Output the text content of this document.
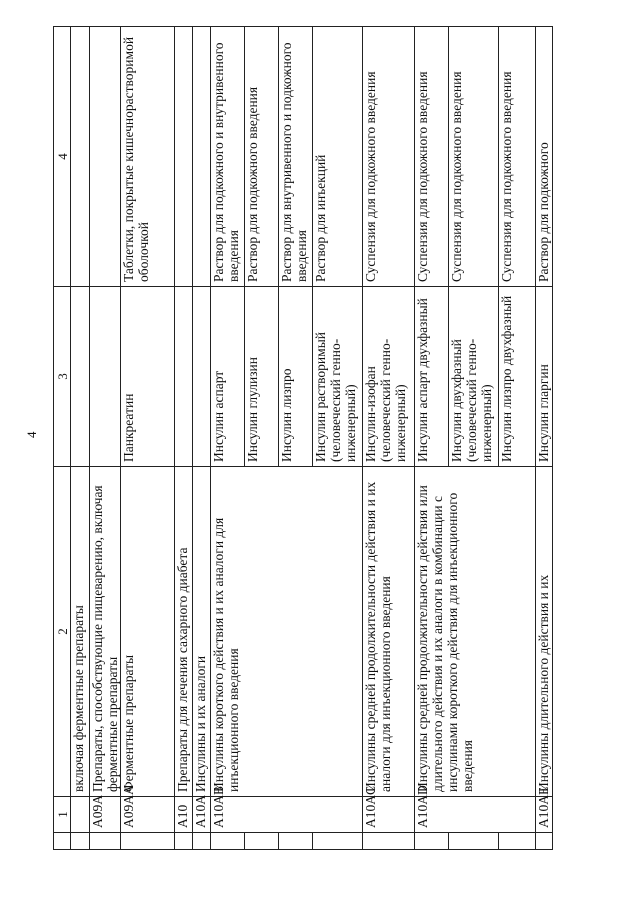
4
	1	2	3	4
		включая ферментные препараты		
	A09A	Препараты, способствующие пищеварению, включая ферментные препараты		
	A09AA	Ферментные препараты	Панкреатин	Таблетки, покрытые кишечнорастворимой оболочкой
	A10	Препараты для лечения сахарного диабета		
	A10A	Инсулины и их аналоги		
	A10AB	Инсулины короткого действия и их аналоги для инъекционного введения	Инсулин аспарт	Раствор для подкожного и внутривенного введения
			Инсулин глулизин	Раствор для подкожного введения
			Инсулин лизпро	Раствор для внутривенного и подкожного введения
			Инсулин растворимый (человеческий генно-инженерный)	Раствор для инъекций
	A10AC	Инсулины средней продолжительности действия и их аналоги для инъекционного введения	Инсулин-изофан (человеческий генно-инженерный)	Суспензия для подкожного введения
	A10AD	Инсулины средней продолжительности действия или длительного действия и их аналоги в комбинации с инсулинами короткого действия для инъекционного введения	Инсулин аспарт двухфазный	Суспензия для подкожного введения
			Инсулин двухфазный (человеческий генно-инженерный)	Суспензия для подкожного введения
			Инсулин лизпро двухфазный	Суспензия для подкожного введения
	A10AE	Инсулины длительного действия и их	Инсулин гларгин	Раствор для подкожного
